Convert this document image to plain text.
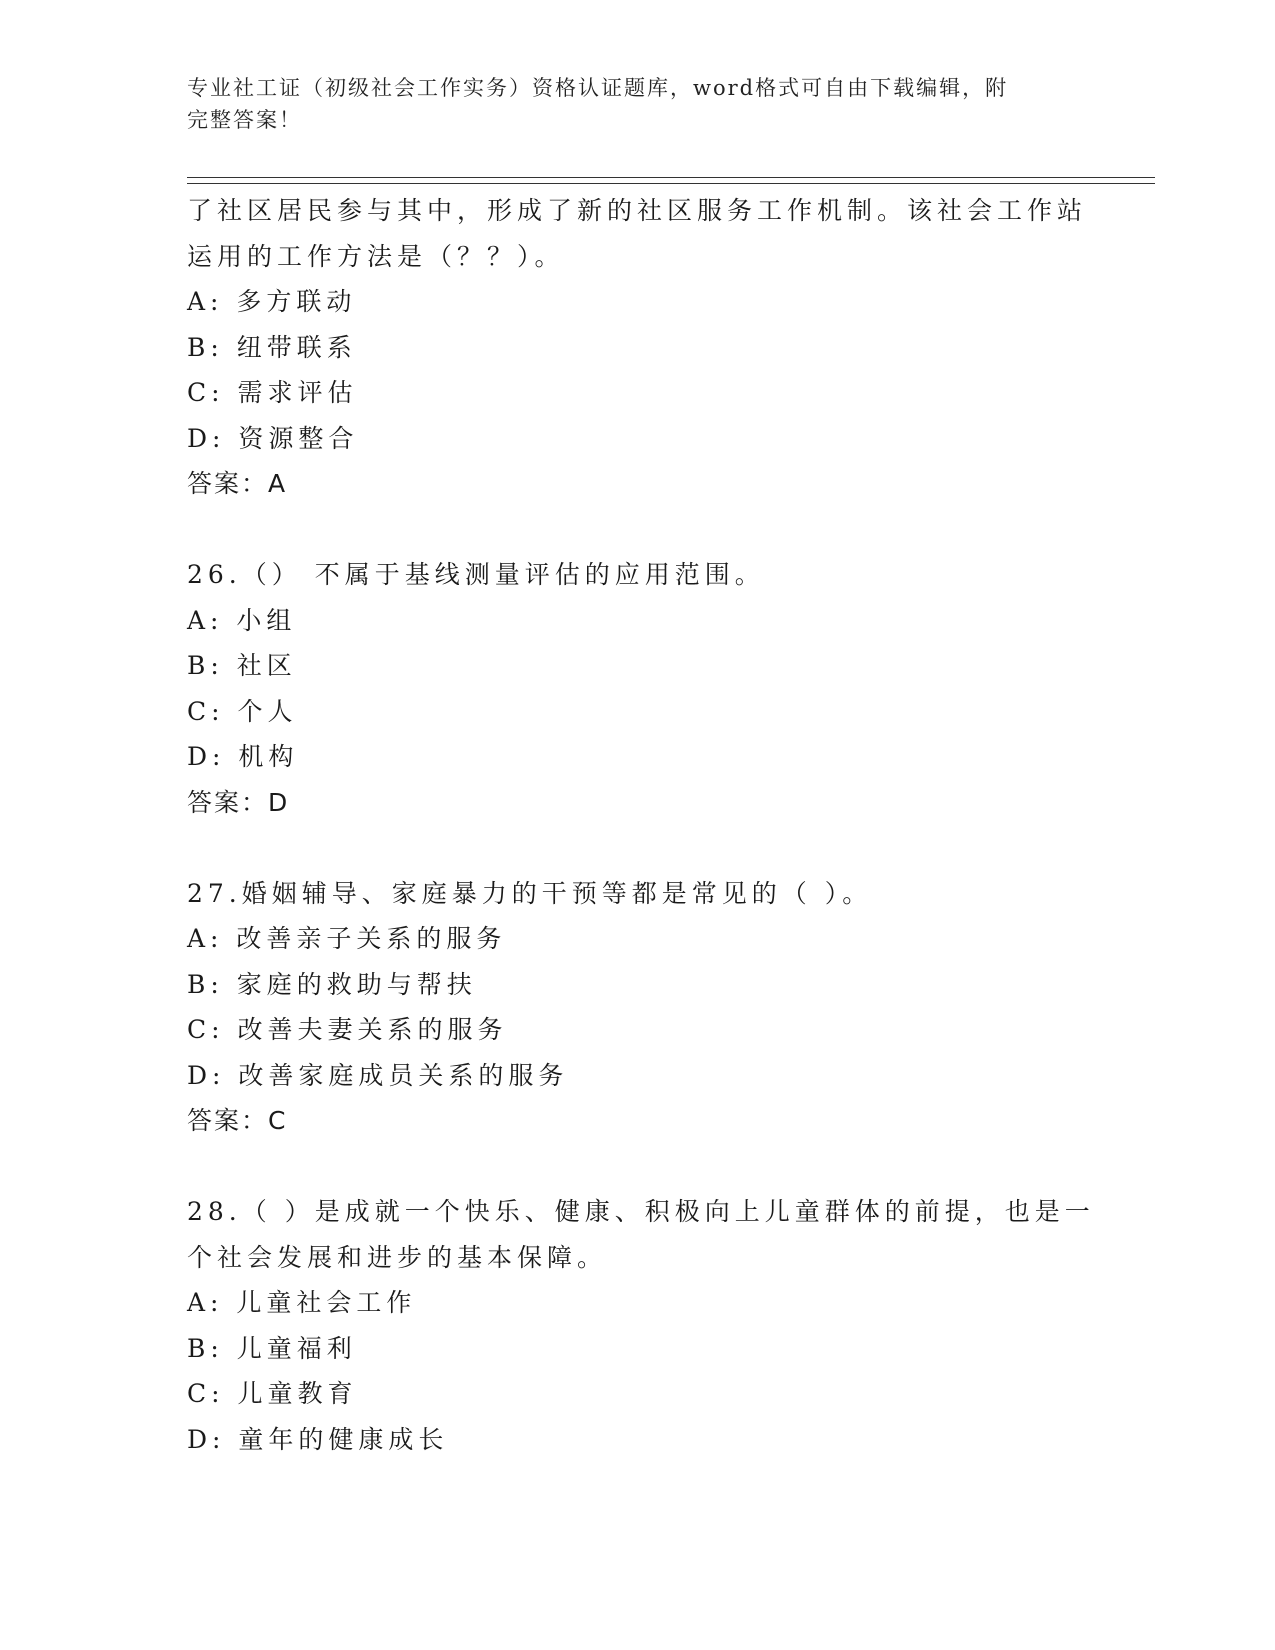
专业社工证（初级社会工作实务）资格认证题库，word格式可自由下载编辑，附
完整答案！
了社区居民参与其中，形成了新的社区服务工作机制。该社会工作站
运用的工作方法是（？？）。
A: 多方联动
B: 纽带联系
C: 需求评估
D: 资源整合
答案：A
26.（） 不属于基线测量评估的应用范围。
A: 小组
B: 社区
C: 个人
D: 机构
答案：D
27.婚姻辅导、家庭暴力的干预等都是常见的（ ）。
A: 改善亲子关系的服务
B: 家庭的救助与帮扶
C: 改善夫妻关系的服务
D: 改善家庭成员关系的服务
答案：C
28.（ ）是成就一个快乐、健康、积极向上儿童群体的前提，也是一
个社会发展和进步的基本保障。
A: 儿童社会工作
B: 儿童福利
C: 儿童教育
D: 童年的健康成长
